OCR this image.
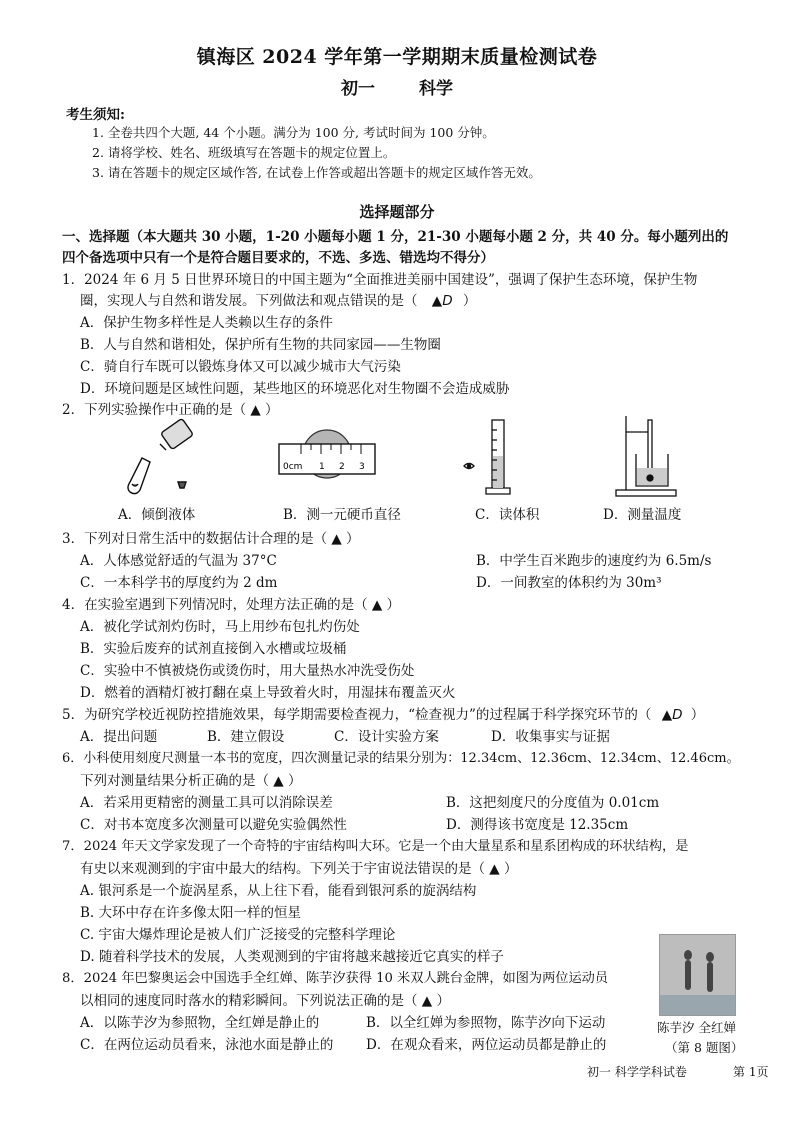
镇海区 2024 学年第一学期期末质量检测试卷
初一	科学
考生须知:
1. 全卷共四个大题, 44 个小题。满分为 100 分, 考试时间为 100 分钟。
2. 请将学校、姓名、班级填写在答题卡的规定位置上。
3. 请在答题卡的规定区域作答, 在试卷上作答或超出答题卡的规定区域作答无效。
选择题部分
一、选择题（本大题共 30 小题，1-20 小题每小题 1 分，21-30 小题每小题 2 分，共 40 分。每小题列出的
四个备选项中只有一个是符合题目要求的，不选、多选、错选均不得分）
1．2024 年 6 月 5 日世界环境日的中国主题为“全面推进美丽中国建设”，强调了保护生态环境，保护生物
圈，实现人与自然和谐发展。下列做法和观点错误的是（ ▲D ）
A．保护生物多样性是人类赖以生存的条件
B．人与自然和谐相处，保护所有生物的共同家园——生物圈
C．骑自行车既可以锻炼身体又可以减少城市大气污染
D．环境问题是区域性问题，某些地区的环境恶化对生物圈不会造成威胁
2．下列实验操作中正确的是（ ▲ ）
A．倾倒液体
0cm 1 2 3
B．测一元硬币直径	C．读体积	D．测量温度
3．下列对日常生活中的数据估计合理的是（ ▲ ）
A．人体感觉舒适的气温为 37°C	B．中学生百米跑步的速度约为 6.5m/s
C．一本科学书的厚度约为 2 dm	D．一间教室的体积约为 30m³
4．在实验室遇到下列情况时，处理方法正确的是（ ▲ ）
A．被化学试剂灼伤时，马上用纱布包扎灼伤处
B．实验后废弃的试剂直接倒入水槽或垃圾桶
C．实验中不慎被烧伤或烫伤时，用大量热水冲洗受伤处
D．燃着的酒精灯被打翻在桌上导致着火时，用湿抹布覆盖灭火
5．为研究学校近视防控措施效果，每学期需要检查视力，“检查视力”的过程属于科学探究环节的（ ▲D ）
A．提出问题	B．建立假设	C．设计实验方案	D．收集事实与证据
6．小科使用刻度尺测量一本书的宽度，四次测量记录的结果分别为：12.34cm、12.36cm、12.34cm、12.46cm。
下列对测量结果分析正确的是（ ▲ ）
A．若采用更精密的测量工具可以消除误差	B．这把刻度尺的分度值为 0.01cm
C．对书本宽度多次测量可以避免实验偶然性	D．测得该书宽度是 12.35cm
7．2024 年天文学家发现了一个奇特的宇宙结构叫大环。它是一个由大量星系和星系团构成的环状结构，是
有史以来观测到的宇宙中最大的结构。下列关于宇宙说法错误的是（ ▲ ）
A. 银河系是一个旋涡星系，从上往下看，能看到银河系的旋涡结构
B. 大环中存在许多像太阳一样的恒星
C. 宇宙大爆炸理论是被人们广泛接受的完整科学理论
D. 随着科学技术的发展，人类观测到的宇宙将越来越接近它真实的样子
8．2024 年巴黎奥运会中国选手全红婵、陈芋汐获得 10 米双人跳台金牌，如图为两位运动员
以相同的速度同时落水的精彩瞬间。下列说法正确的是（ ▲ ）
A．以陈芋汐为参照物，全红婵是静止的	B．以全红婵为参照物，陈芋汐向下运动
C．在两位运动员看来，泳池水面是静止的 D．在观众看来，两位运动员都是静止的
陈芋汐 全红婵
（第 8 题图）
初一 科学学科试卷	第 1页
